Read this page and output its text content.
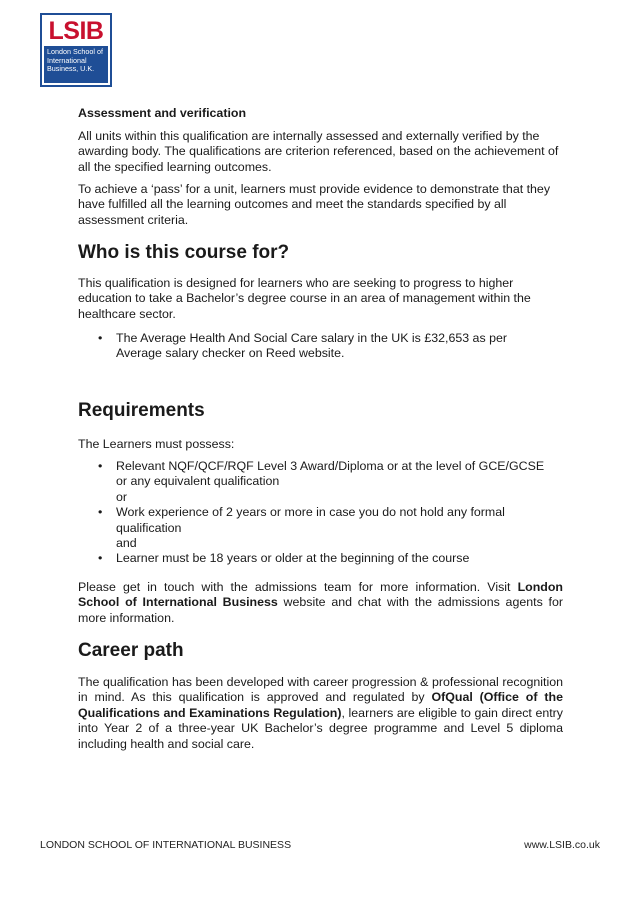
LSIB
London School of
International
Business, U.K.

Assessment and verification

All units within this qualification are internally assessed and externally verified by the awarding body. The qualifications are criterion referenced, based on the achievement of all the specified learning outcomes.

To achieve a ‘pass’ for a unit, learners must provide evidence to demonstrate that they have fulfilled all the learning outcomes and meet the standards specified by all assessment criteria.

Who is this course for?

This qualification is designed for learners who are seeking to progress to higher education to take a Bachelor’s degree course in an area of management within the healthcare sector.

• The Average Health And Social Care salary in the UK is £32,653 as per Average salary checker on Reed website.
Requirements

The Learners must possess:

• Relevant NQF/QCF/RQF Level 3 Award/Diploma or at the level of GCE/GCSE or any equivalent qualification
or
• Work experience of 2 years or more in case you do not hold any formal qualification
and
• Learner must be 18 years or older at the beginning of the course

Please get in touch with the admissions team for more information. Visit London School of International Business website and chat with the admissions agents for more information.

Career path

The qualification has been developed with career progression & professional recognition in mind. As this qualification is approved and regulated by OfQual (Office of the Qualifications and Examinations Regulation), learners are eligible to gain direct entry into Year 2 of a three-year UK Bachelor’s degree programme and Level 5 diploma including health and social care.

LONDON SCHOOL OF INTERNATIONAL BUSINESS	www.LSIB.co.uk
